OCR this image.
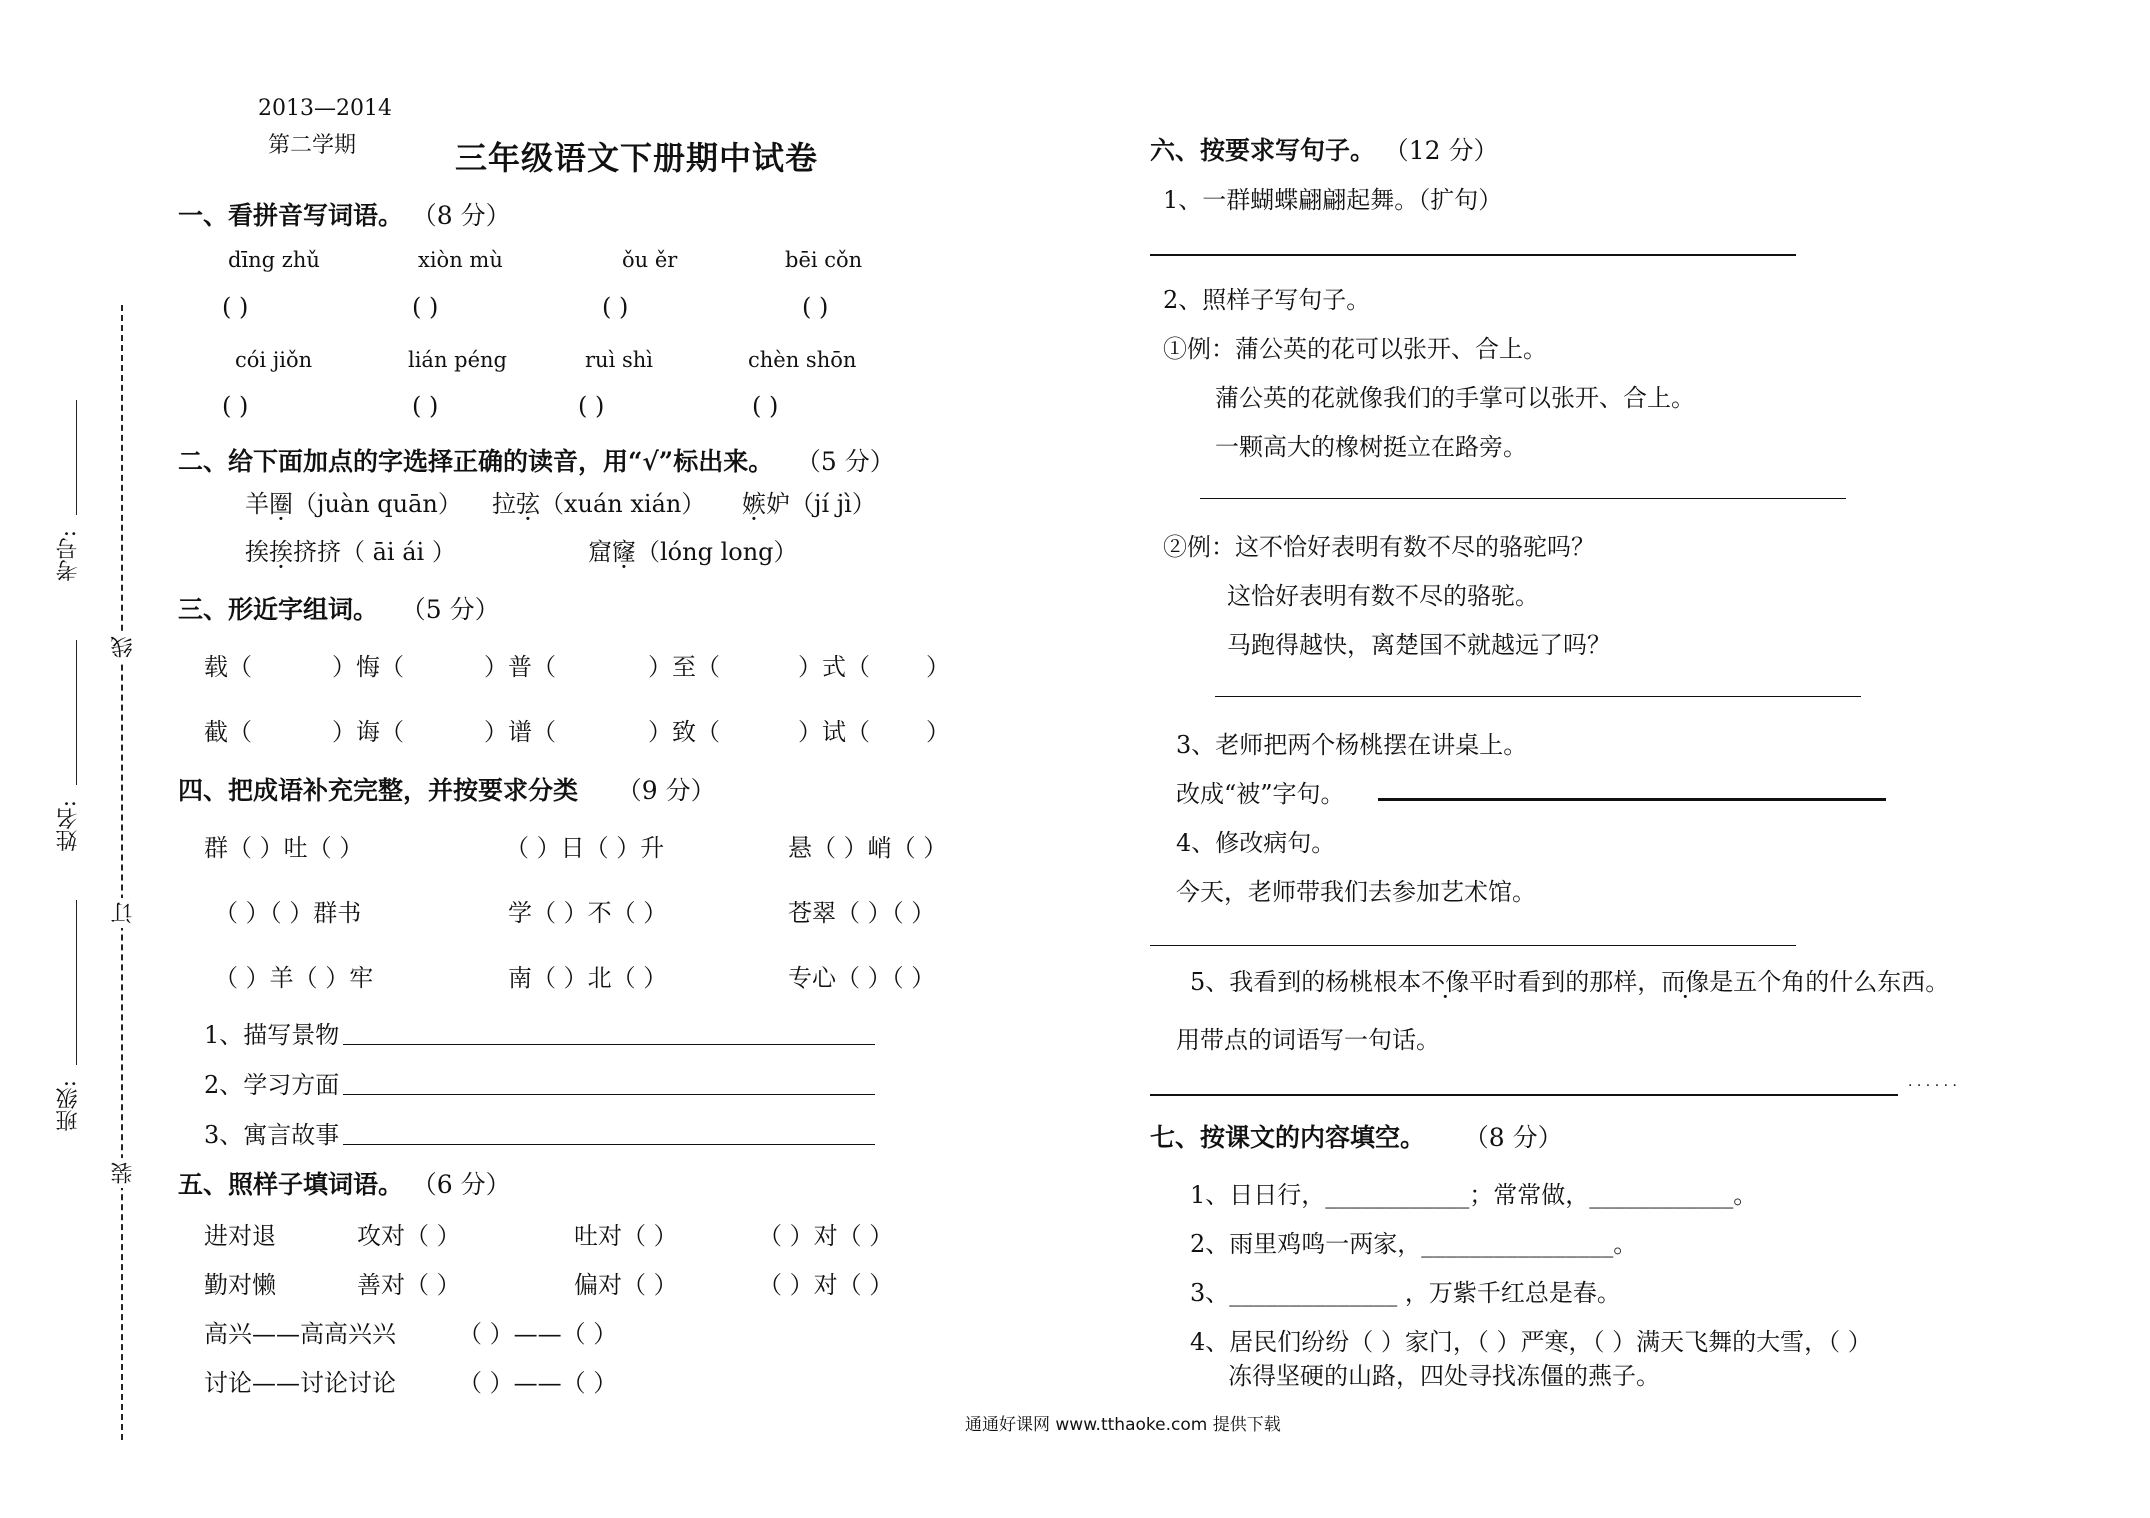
线
订
装
考号:
姓名:
班级:
2013—2014
第二学期	三年级语文下册期中试卷
一、看拼音写词语。 （8 分）
dīng zhǔ	xiòn mù	ǒu ěr	bēi cǒn
( )	( )	( )	( )
cói jiǒn	lián péng	ruì shì	chèn shōn
( )	( )	( )	( )
二、给下面加点的字选择正确的读音，用“√”标出来。 （5 分）
羊圈（juàn quān） 拉弦（xuán xián） 嫉妒（jí jì）
挨挨挤挤（ āi ái ）	窟窿（lóng long）
三、形近字组词。 （5 分）
载（	）悔（	）普（	）至（	）式（ ）
截（	）诲（	）谱（	）致（	）试（ ）
四、把成语补充完整，并按要求分类 （9 分）
群（ ）吐（ ）	（ ）日（ ）升	悬（ ）峭（ ）
（ ）（ ）群书	学（ ）不（ ）	苍翠（ ）（ ）
（ ）羊（ ）牢	南（ ）北（ ）	专心（ ）（ ）
1、描写景物
2、学习方面
3、寓言故事
五、照样子填词语。 （6 分）
进对退	攻对（ ）	吐对（ ）	（ ）对（ ）
勤对懒	善对（ ）	偏对（ ）	（ ）对（ ）
高兴——高高兴兴	（ ）——（ ）
讨论——讨论讨论	（ ）——（ ）
六、按要求写句子。 （12 分）
1、一群蝴蝶翩翩起舞。（扩句）
2、照样子写句子。
①例：蒲公英的花可以张开、合上。
蒲公英的花就像我们的手掌可以张开、合上。
一颗高大的橡树挺立在路旁。
②例：这不恰好表明有数不尽的骆驼吗？
这恰好表明有数不尽的骆驼。
马跑得越快，离楚国不就越远了吗？
3、老师把两个杨桃摆在讲桌上。
改成“被”字句。
4、修改病句。
今天，老师带我们去参加艺术馆。
5、我看到的杨桃根本不像平时看到的那样，而像是五个角的什么东西。
用带点的词语写一句话。
· · · · · ·
七、按课文的内容填空。 （8 分）
1、日日行，____________；常常做，____________。
2、雨里鸡鸣一两家，________________。
3、______________ ，万紫千红总是春。
4、居民们纷纷（ ）家门，（ ）严寒，（ ）满天飞舞的大雪，（ ）
冻得坚硬的山路，四处寻找冻僵的燕子。
通通好课网 www.tthaoke.com 提供下载
